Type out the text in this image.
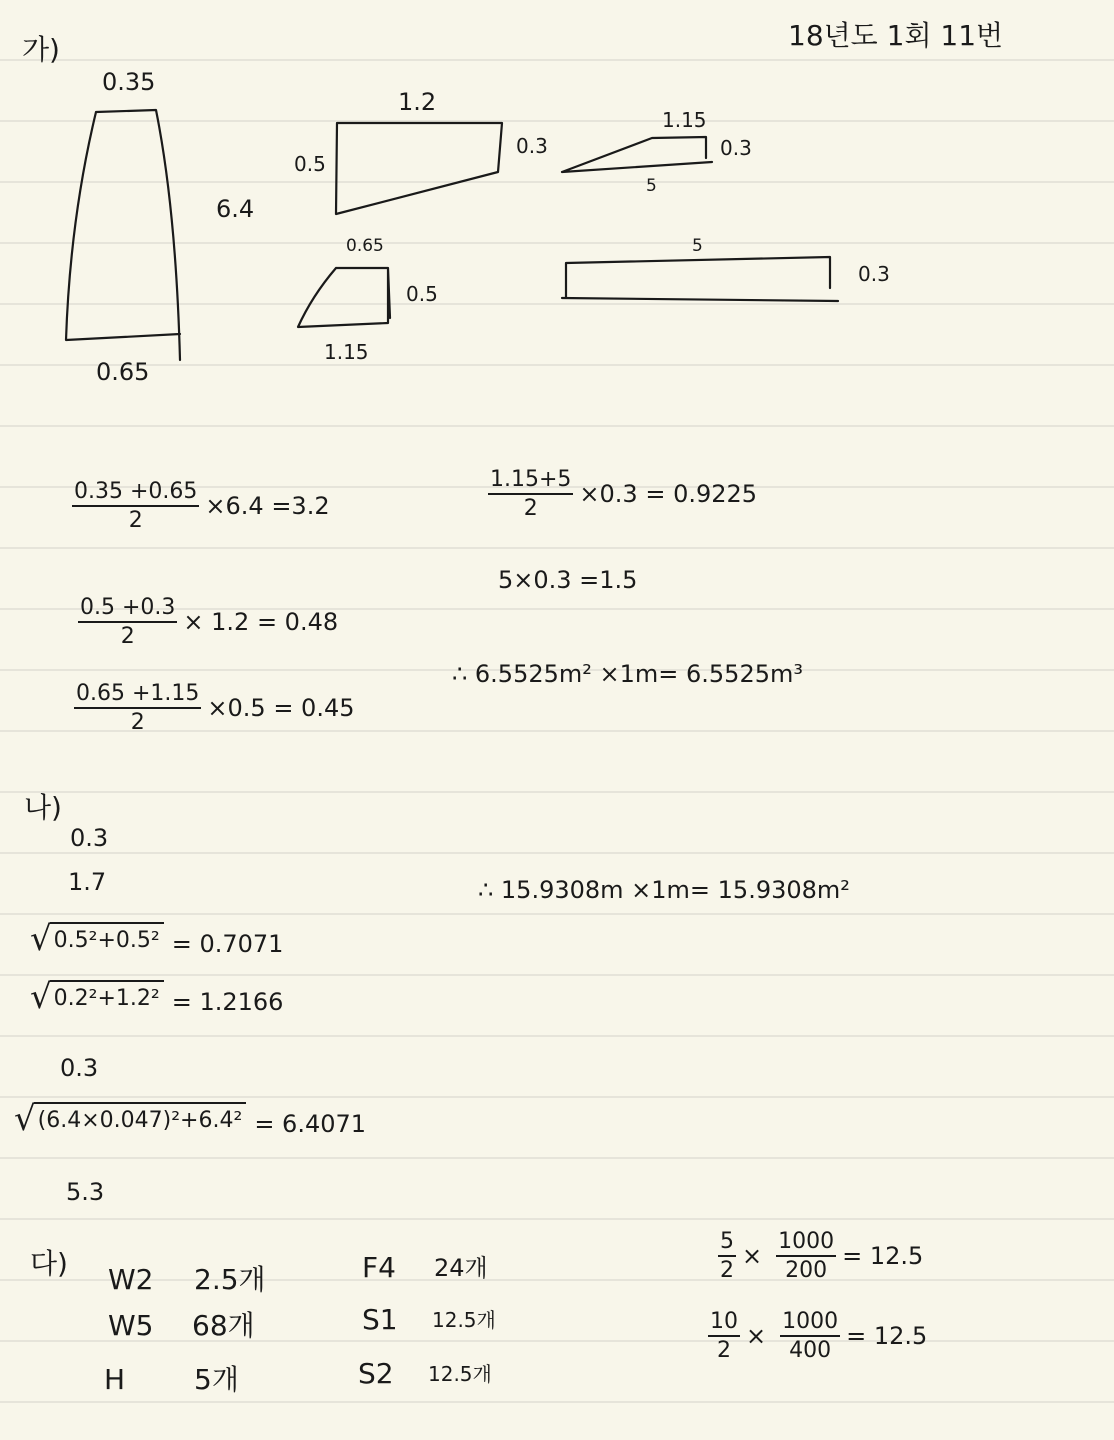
18년도 1회 11번
가)
0.35
6.4
0.65
1.2
0.5
0.3
0.65
0.5
1.15
1.15
0.3
5
5
0.3
0.35 +0.65
2
×6.4 =3.2
0.5 +0.3
2
× 1.2 = 0.48
0.65 +1.15
2
×0.5 = 0.45
1.15+5
2
×0.3 = 0.9225
5×0.3 =1.5
∴ 6.5525m² ×1m= 6.5525m³
나)
0.3
1.7
√ 0.5²+0.5² = 0.7071
√ 0.2²+1.2² = 1.2166
0.3
√ (6.4×0.047)²+6.4² = 6.4071
5.3
∴ 15.9308m ×1m= 15.9308m²
다) W2 2.5개
W5 68개
H 5개
F4 24개
S1 12.5개
S2 12.5개
5
2
×
1000
200
= 12.5
10
2
×
1000
400
= 12.5
